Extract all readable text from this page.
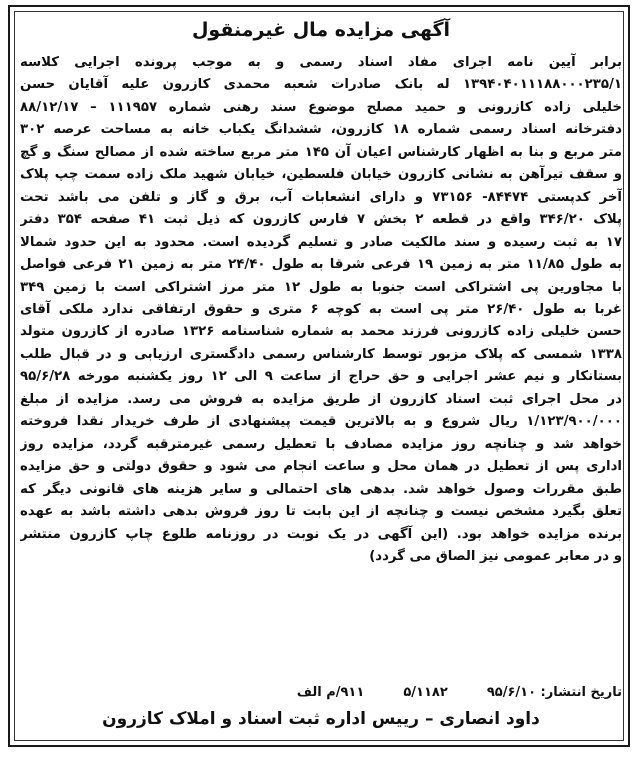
آگهی مزایده مال غیرمنقول
برابر آیین نامه اجرای مفاد اسناد رسمی و به موجب پرونده اجرایی کلاسه
۱۳۹۴۰۴۰۱۱۱۸۸۰۰۰۲۳۵/۱ له بانک صادرات شعبه محمدی کازرون علیه آقایان حسن
خلیلی زاده کازرونی و حمید مصلح موضوع سند رهنی شماره ۱۱۱۹۵۷ – ۸۸/۱۲/۱۷
دفترخانه اسناد رسمی شماره ۱۸ کازرون، ششدانگ یکباب خانه به مساحت عرصه ۳۰۲
متر مربع و بنا به اظهار کارشناس اعیان آن ۱۴۵ متر مربع ساخته شده از مصالح سنگ و گچ
و سقف تیرآهن به نشانی کازرون خیابان فلسطین، خیابان شهید ملک زاده سمت چپ پلاک
آخر کدپستی ۸۴۴۷۴- ۷۳۱۵۶ و دارای انشعابات آب، برق و گاز و تلفن می باشد تحت
پلاک ۳۴۶/۲۰ واقع در قطعه ۲ بخش ۷ فارس کازرون که ذیل ثبت ۴۱ صفحه ۳۵۴ دفتر
۱۷ به ثبت رسیده و سند مالکیت صادر و تسلیم گردیده است. محدود به این حدود شمالا
به طول ۱۱/۸۵ متر به زمین ۱۹ فرعی شرقا به طول ۲۴/۴۰ متر به زمین ۲۱ فرعی فواصل
با مجاورین پی اشتراکی است جنوبا به طول ۱۲ متر مرز اشتراکی است با زمین ۳۴۹
غربا به طول ۲۶/۴۰ متر پی است به کوچه ۶ متری و حقوق ارتفاقی ندارد ملکی آقای
حسن خلیلی زاده کازرونی فرزند محمد به شماره شناسنامه ۱۳۲۶ صادره از کازرون متولد
۱۳۳۸ شمسی که پلاک مزبور توسط کارشناس رسمی دادگستری ارزیابی و در قبال طلب
بستانکار و نیم عشر اجرایی و حق حراج از ساعت ۹ الی ۱۲ روز یکشنبه مورخه ۹۵/۶/۲۸
در محل اجرای ثبت اسناد کازرون از طریق مزایده به فروش می رسد. مزایده از مبلغ
۱/۱۲۳/۹۰۰/۰۰۰ ریال شروع و به بالاترین قیمت پیشنهادی از طرف خریدار نقدا فروخته
خواهد شد و چنانچه روز مزایده مصادف با تعطیل رسمی غیرمترقبه گردد، مزایده روز
اداری پس از تعطیل در همان محل و ساعت انجام می شود و حقوق دولتی و حق مزایده
طبق مقررات وصول خواهد شد. بدهی های احتمالی و سایر هزینه های قانونی دیگر که
تعلق بگیرد مشخص نیست و چنانچه از این بابت تا روز فروش بدهی داشته باشد به عهده
برنده مزایده خواهد بود. (این آگهی در یک نوبت در روزنامه طلوع چاپ کازرون منتشر
و در معابر عمومی نیز الصاق می گردد)
تاریخ انتشار: ۹۵/۶/۱۰  ۵/۱۱۸۲  ۹۱۱/م الف
داود انصاری – رییس اداره ثبت اسناد و املاک کازرون
